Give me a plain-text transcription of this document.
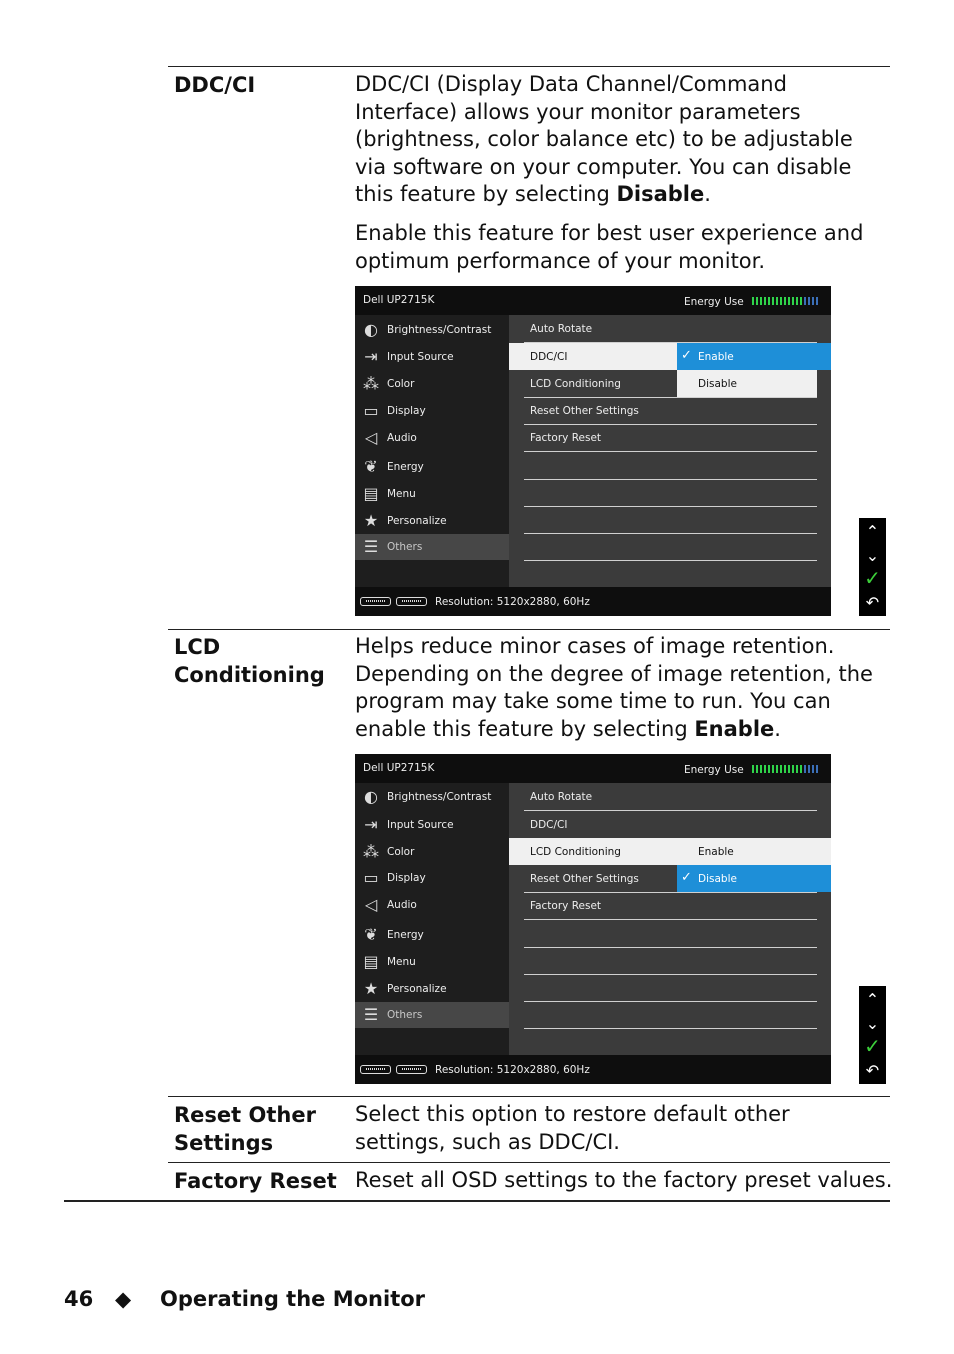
DDC/CI	DDC/CI (Display Data Channel/Command Interface) allows your monitor parameters (brightness, color balance etc) to be adjustable via software on your computer. You can disable this feature by selecting Disable.
Enable this feature for best user experience and optimum performance of your monitor.
Dell UP2715K	Energy Use
◐ Brightness/Contrast
⇥ Input Source
⁂ Color
▭ Display
◁ Audio
❦ Energy
▤ Menu
★ Personalize
☰ Others
Auto Rotate
DDC/CI
LCD Conditioning
Reset Other Settings
Factory Reset
✓ Enable
Disable
Resolution: 5120x2880, 60Hz
⌃
⌄
✓
↶
LCD
Conditioning
Helps reduce minor cases of image retention. Depending on the degree of image retention, the program may take some time to run. You can enable this feature by selecting Enable.
Dell UP2715K	Energy Use
◐ Brightness/Contrast
⇥ Input Source
⁂ Color
▭ Display
◁ Audio
❦ Energy
▤ Menu
★ Personalize
☰ Others
Auto Rotate
DDC/CI
LCD Conditioning
Reset Other Settings
Factory Reset
Enable
✓ Disable
Resolution: 5120x2880, 60Hz
⌃
⌄
✓
↶
Reset Other
Settings
Select this option to restore default other settings, such as DDC/CI.
Factory Reset Reset all OSD settings to the factory preset values.
46 ◆ Operating the Monitor
